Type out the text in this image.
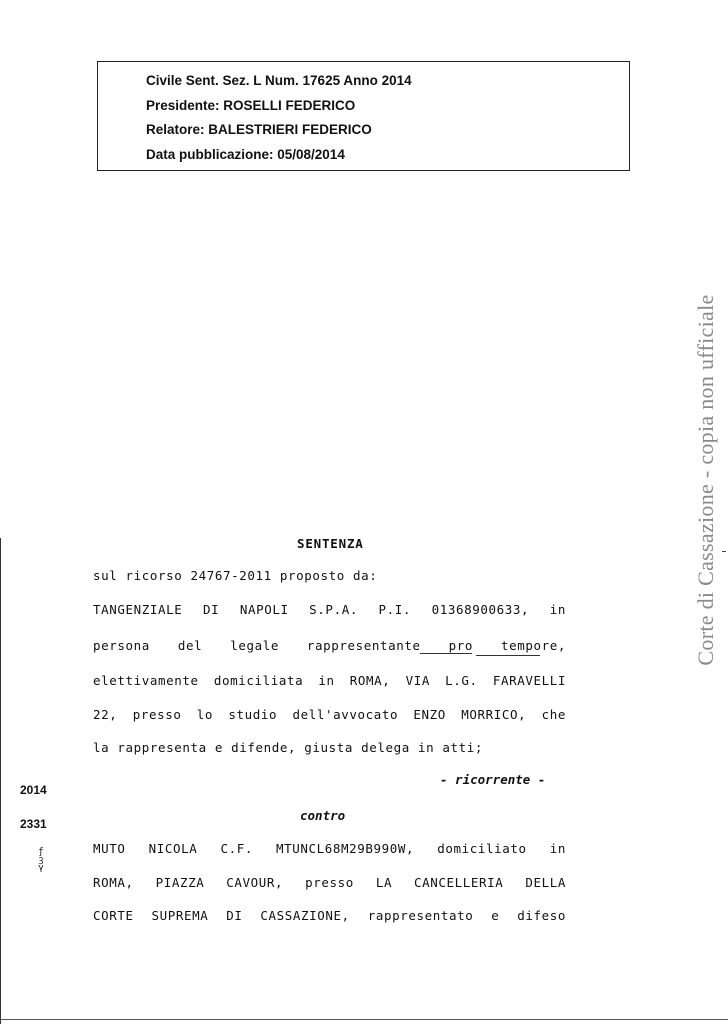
Civile Sent. Sez. L Num. 17625 Anno 2014
Presidente: ROSELLI FEDERICO
Relatore: BALESTRIERI FEDERICO
Data pubblicazione: 05/08/2014
Corte di Cassazione - copia non ufficiale
SENTENZA
sul ricorso 24767-2011 proposto da:
TANGENZIALE DI NAPOLI S.P.A. P.I. 01368900633, in
persona del legale rappresentante pro tempore,
elettivamente domiciliata in ROMA, VIA L.G. FARAVELLI
22, presso lo studio dell'avvocato ENZO MORRICO, che
la rappresenta e difende, giusta delega in atti;
- ricorrente -
contro
2014
2331
ƒ
ꝫ
γ
MUTO NICOLA C.F. MTUNCL68M29B990W, domiciliato in
ROMA, PIAZZA CAVOUR, presso LA CANCELLERIA DELLA
CORTE SUPREMA DI CASSAZIONE, rappresentato e difeso
